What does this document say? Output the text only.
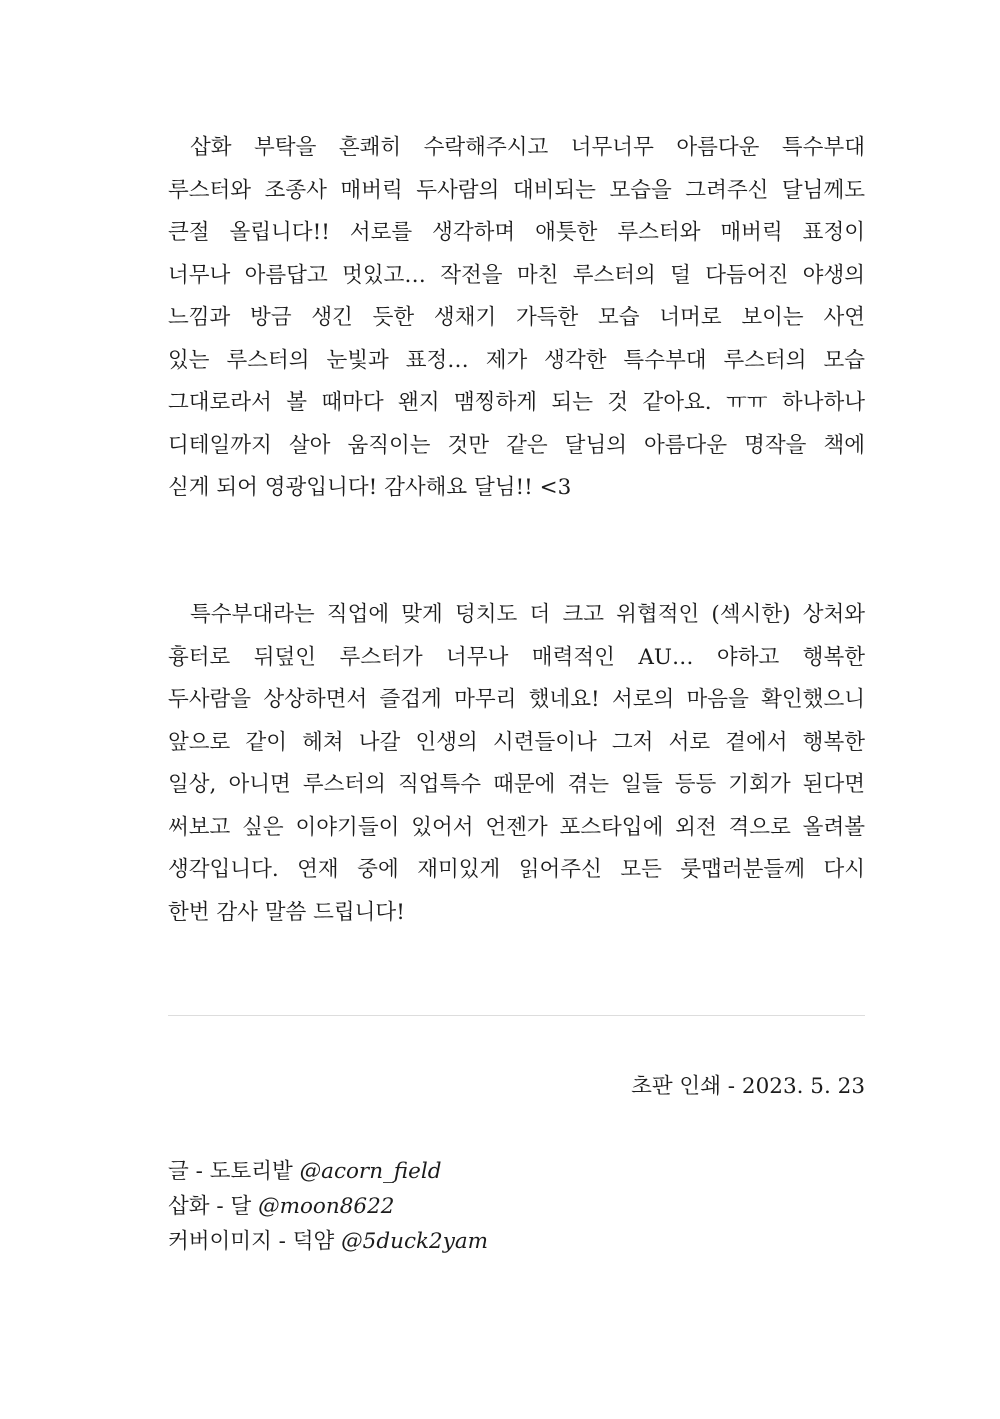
삽화 부탁을 흔쾌히 수락해주시고 너무너무 아름다운 특수부대
루스터와 조종사 매버릭 두사람의 대비되는 모습을 그려주신 달님께도
큰절 올립니다!! 서로를 생각하며 애틋한 루스터와 매버릭 표정이
너무나 아름답고 멋있고… 작전을 마친 루스터의 덜 다듬어진 야생의
느낌과 방금 생긴 듯한 생채기 가득한 모습 너머로 보이는 사연
있는 루스터의 눈빛과 표정… 제가 생각한 특수부대 루스터의 모습
그대로라서 볼 때마다 왠지 맴찡하게 되는 것 같아요. ㅠㅠ 하나하나
디테일까지 살아 움직이는 것만 같은 달님의 아름다운 명작을 책에
싣게 되어 영광입니다! 감사해요 달님!! <3

특수부대라는 직업에 맞게 덩치도 더 크고 위협적인 (섹시한) 상처와
흉터로 뒤덮인 루스터가 너무나 매력적인 AU… 야하고 행복한
두사람을 상상하면서 즐겁게 마무리 했네요! 서로의 마음을 확인했으니
앞으로 같이 헤쳐 나갈 인생의 시련들이나 그저 서로 곁에서 행복한
일상, 아니면 루스터의 직업특수 때문에 겪는 일들 등등 기회가 된다면
써보고 싶은 이야기들이 있어서 언젠가 포스타입에 외전 격으로 올려볼
생각입니다. 연재 중에 재미있게 읽어주신 모든 룻맵러분들께 다시
한번 감사 말씀 드립니다!

초판 인쇄 - 2023. 5. 23
글 - 도토리밭 @acorn_field
삽화 - 달 @moon8622
커버이미지 - 덕얌 @5duck2yam
